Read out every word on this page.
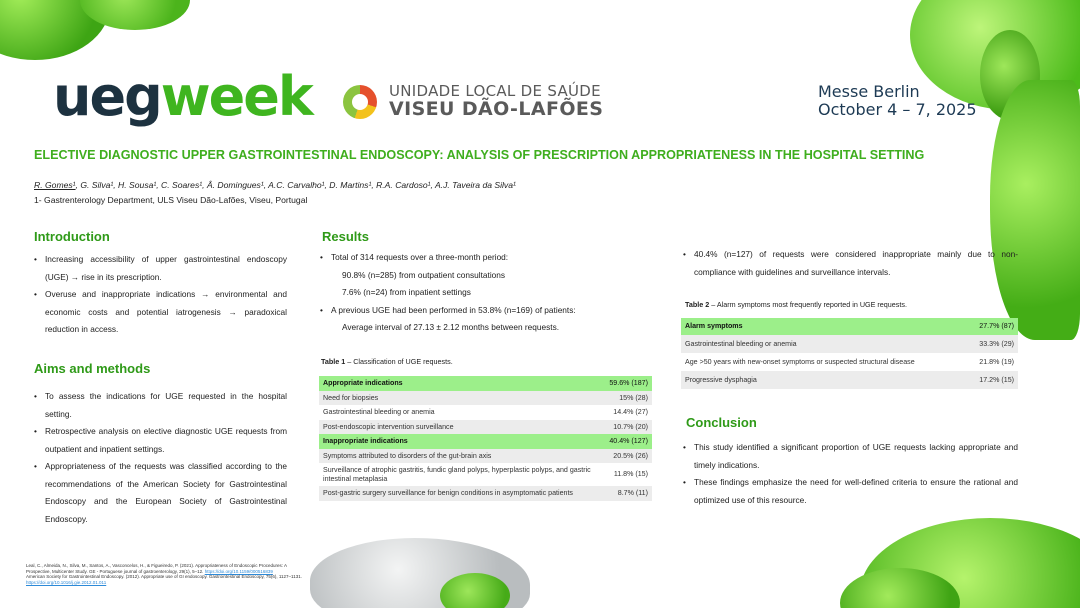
uegweek	UNIDADE LOCAL DE SAÚDE
VISEU DÃO-LAFÕES
Messe Berlin
October 4 – 7, 2025
ELECTIVE DIAGNOSTIC UPPER GASTROINTESTINAL ENDOSCOPY: ANALYSIS OF PRESCRIPTION APPROPRIATENESS IN THE HOSPITAL SETTING
R. Gomes¹, G. Silva¹, H. Sousa¹, C. Soares¹, Â. Domingues¹, A.C. Carvalho¹, D. Martins¹, R.A. Cardoso¹, A.J. Taveira da Silva¹
1- Gastrenterology Department, ULS Viseu Dão-Lafões, Viseu, Portugal
Introduction
• Increasing accessibility of upper gastrointestinal endoscopy (UGE) → rise in its prescription.
• Overuse and inappropriate indications → environmental and economic costs and potential iatrogenesis → paradoxical reduction in access.
Aims and methods
• To assess the indications for UGE requested in the hospital setting.
• Retrospective analysis on elective diagnostic UGE requests from outpatient and inpatient settings.
• Appropriateness of the requests was classified according to the recommendations of the American Society for Gastrointestinal Endoscopy and the European Society of Gastrointestinal Endoscopy.
Results
• Total of 314 requests over a three-month period:
90.8% (n=285) from outpatient consultations
7.6% (n=24) from inpatient settings
• A previous UGE had been performed in 53.8% (n=169) of patients:
Average interval of 27.13 ± 2.12 months between requests.
Table 1 – Classification of UGE requests.
Appropriate indications	59.6% (187)
Need for biopsies	15% (28)
Gastrointestinal bleeding or anemia	14.4% (27)
Post-endoscopic intervention surveillance	10.7% (20)
Inappropriate indications	40.4% (127)
Symptoms attributed to disorders of the gut-brain axis	20.5% (26)
Surveillance of atrophic gastritis, fundic gland polyps, hyperplastic polyps, and gastric intestinal metaplasia	11.8% (15)
Post-gastric surgery surveillance for benign conditions in asymptomatic patients	8.7% (11)
• 40.4% (n=127) of requests were considered inappropriate mainly due to non-compliance with guidelines and surveillance intervals.
Table 2 – Alarm symptoms most frequently reported in UGE requests.
Alarm symptoms	27.7% (87)
Gastrointestinal bleeding or anemia	33.3% (29)
Age >50 years with new-onset symptoms or suspected structural disease	21.8% (19)
Progressive dysphagia	17.2% (15)
Conclusion
• This study identified a significant proportion of UGE requests lacking appropriate and timely indications.
• These findings emphasize the need for well-defined criteria to ensure the rational and optimized use of this resource.
Leal, C., Almeida, N., Silva, M., Santos, A., Vasconcelos, H., & Figueiredo, P. (2021). Appropriateness of Endoscopic Procedures: A Prospective, Multicenter Study. GE - Portuguese journal of gastroenterology, 29(1), 5–12. https://doi.org/10.1159/000516839
American Society for Gastrointestinal Endoscopy. (2012). Appropriate use of GI endoscopy. Gastrointestinal Endoscopy, 75(6), 1127–1131. https://doi.org/10.1016/j.gie.2012.01.011
